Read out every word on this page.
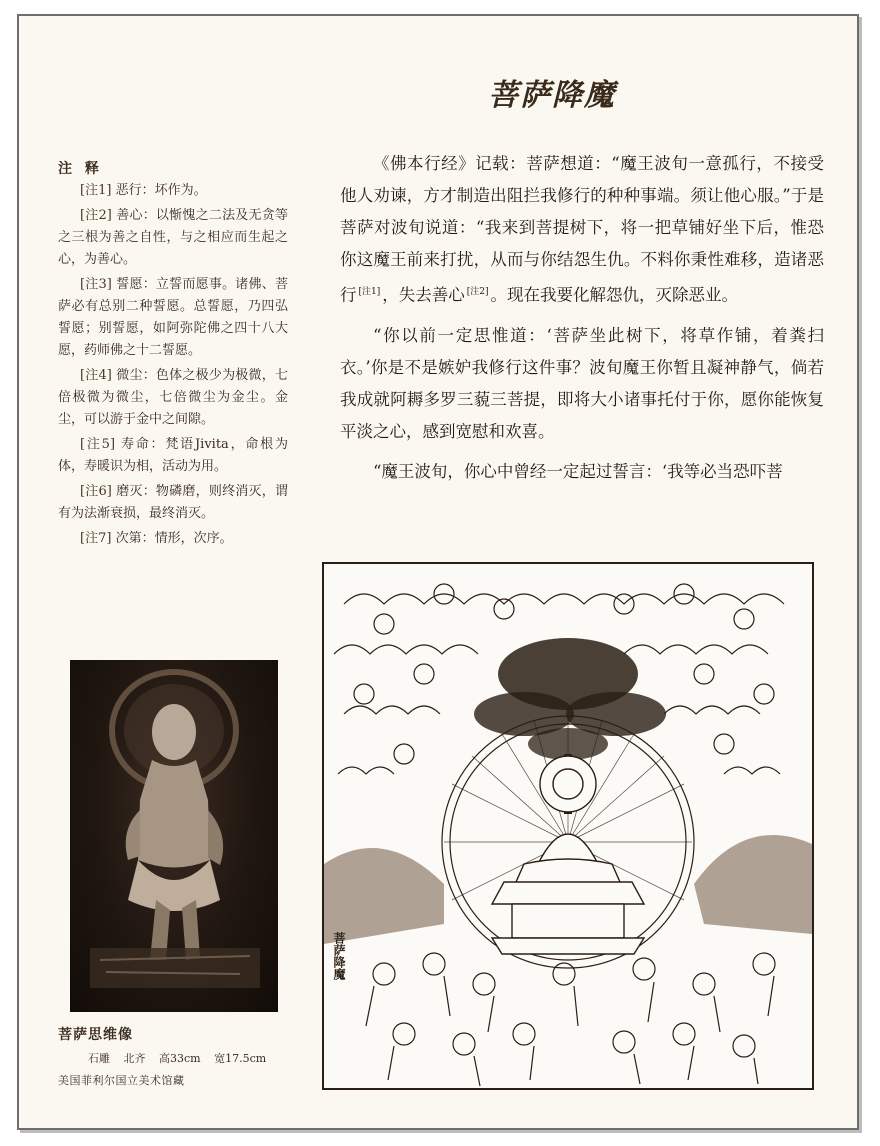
菩萨降魔
注 释

[注1] 恶行：坏作为。

[注2] 善心：以惭愧之二法及无贪等之三根为善之自性，与之相应而生起之心，为善心。

[注3] 誓愿：立誓而愿事。诸佛、菩萨必有总别二种誓愿。总誓愿，乃四弘誓愿；别誓愿，如阿弥陀佛之四十八大愿，药师佛之十二誓愿。

[注4] 微尘：色体之极少为极微，七倍极微为微尘，七倍微尘为金尘。金尘，可以游于金中之间隙。

[注5] 寿命：梵语Jivita，命根为体，寿暖识为相，活动为用。

[注6] 磨灭：物磷磨，则终消灭，谓有为法渐衰损，最终消灭。

[注7] 次第：情形，次序。

菩萨思维像
石雕 北齐 高33cm 宽17.5cm
美国菲利尔国立美术馆藏

《佛本行经》记载：菩萨想道：“魔王波旬一意孤行，不接受他人劝谏，方才制造出阻拦我修行的种种事端。须让他心服。”于是菩萨对波旬说道：“我来到菩提树下，将一把草铺好坐下后，惟恐你这魔王前来打扰，从而与你结怨生仇。不料你秉性难移，造诸恶行 [注1] ，失去善心 [注2] 。现在我要化解怨仇，灭除恶业。

“你以前一定思惟道：‘菩萨坐此树下，将草作铺，着粪扫衣。’你是不是嫉妒我修行这件事？波旬魔王你暂且凝神静气，倘若我成就阿耨多罗三藐三菩提，即将大小诸事托付于你，愿你能恢复平淡之心，感到宽慰和欢喜。

“魔王波旬，你心中曾经一定起过誓言：‘我等必当恐吓菩

菩萨降魔
